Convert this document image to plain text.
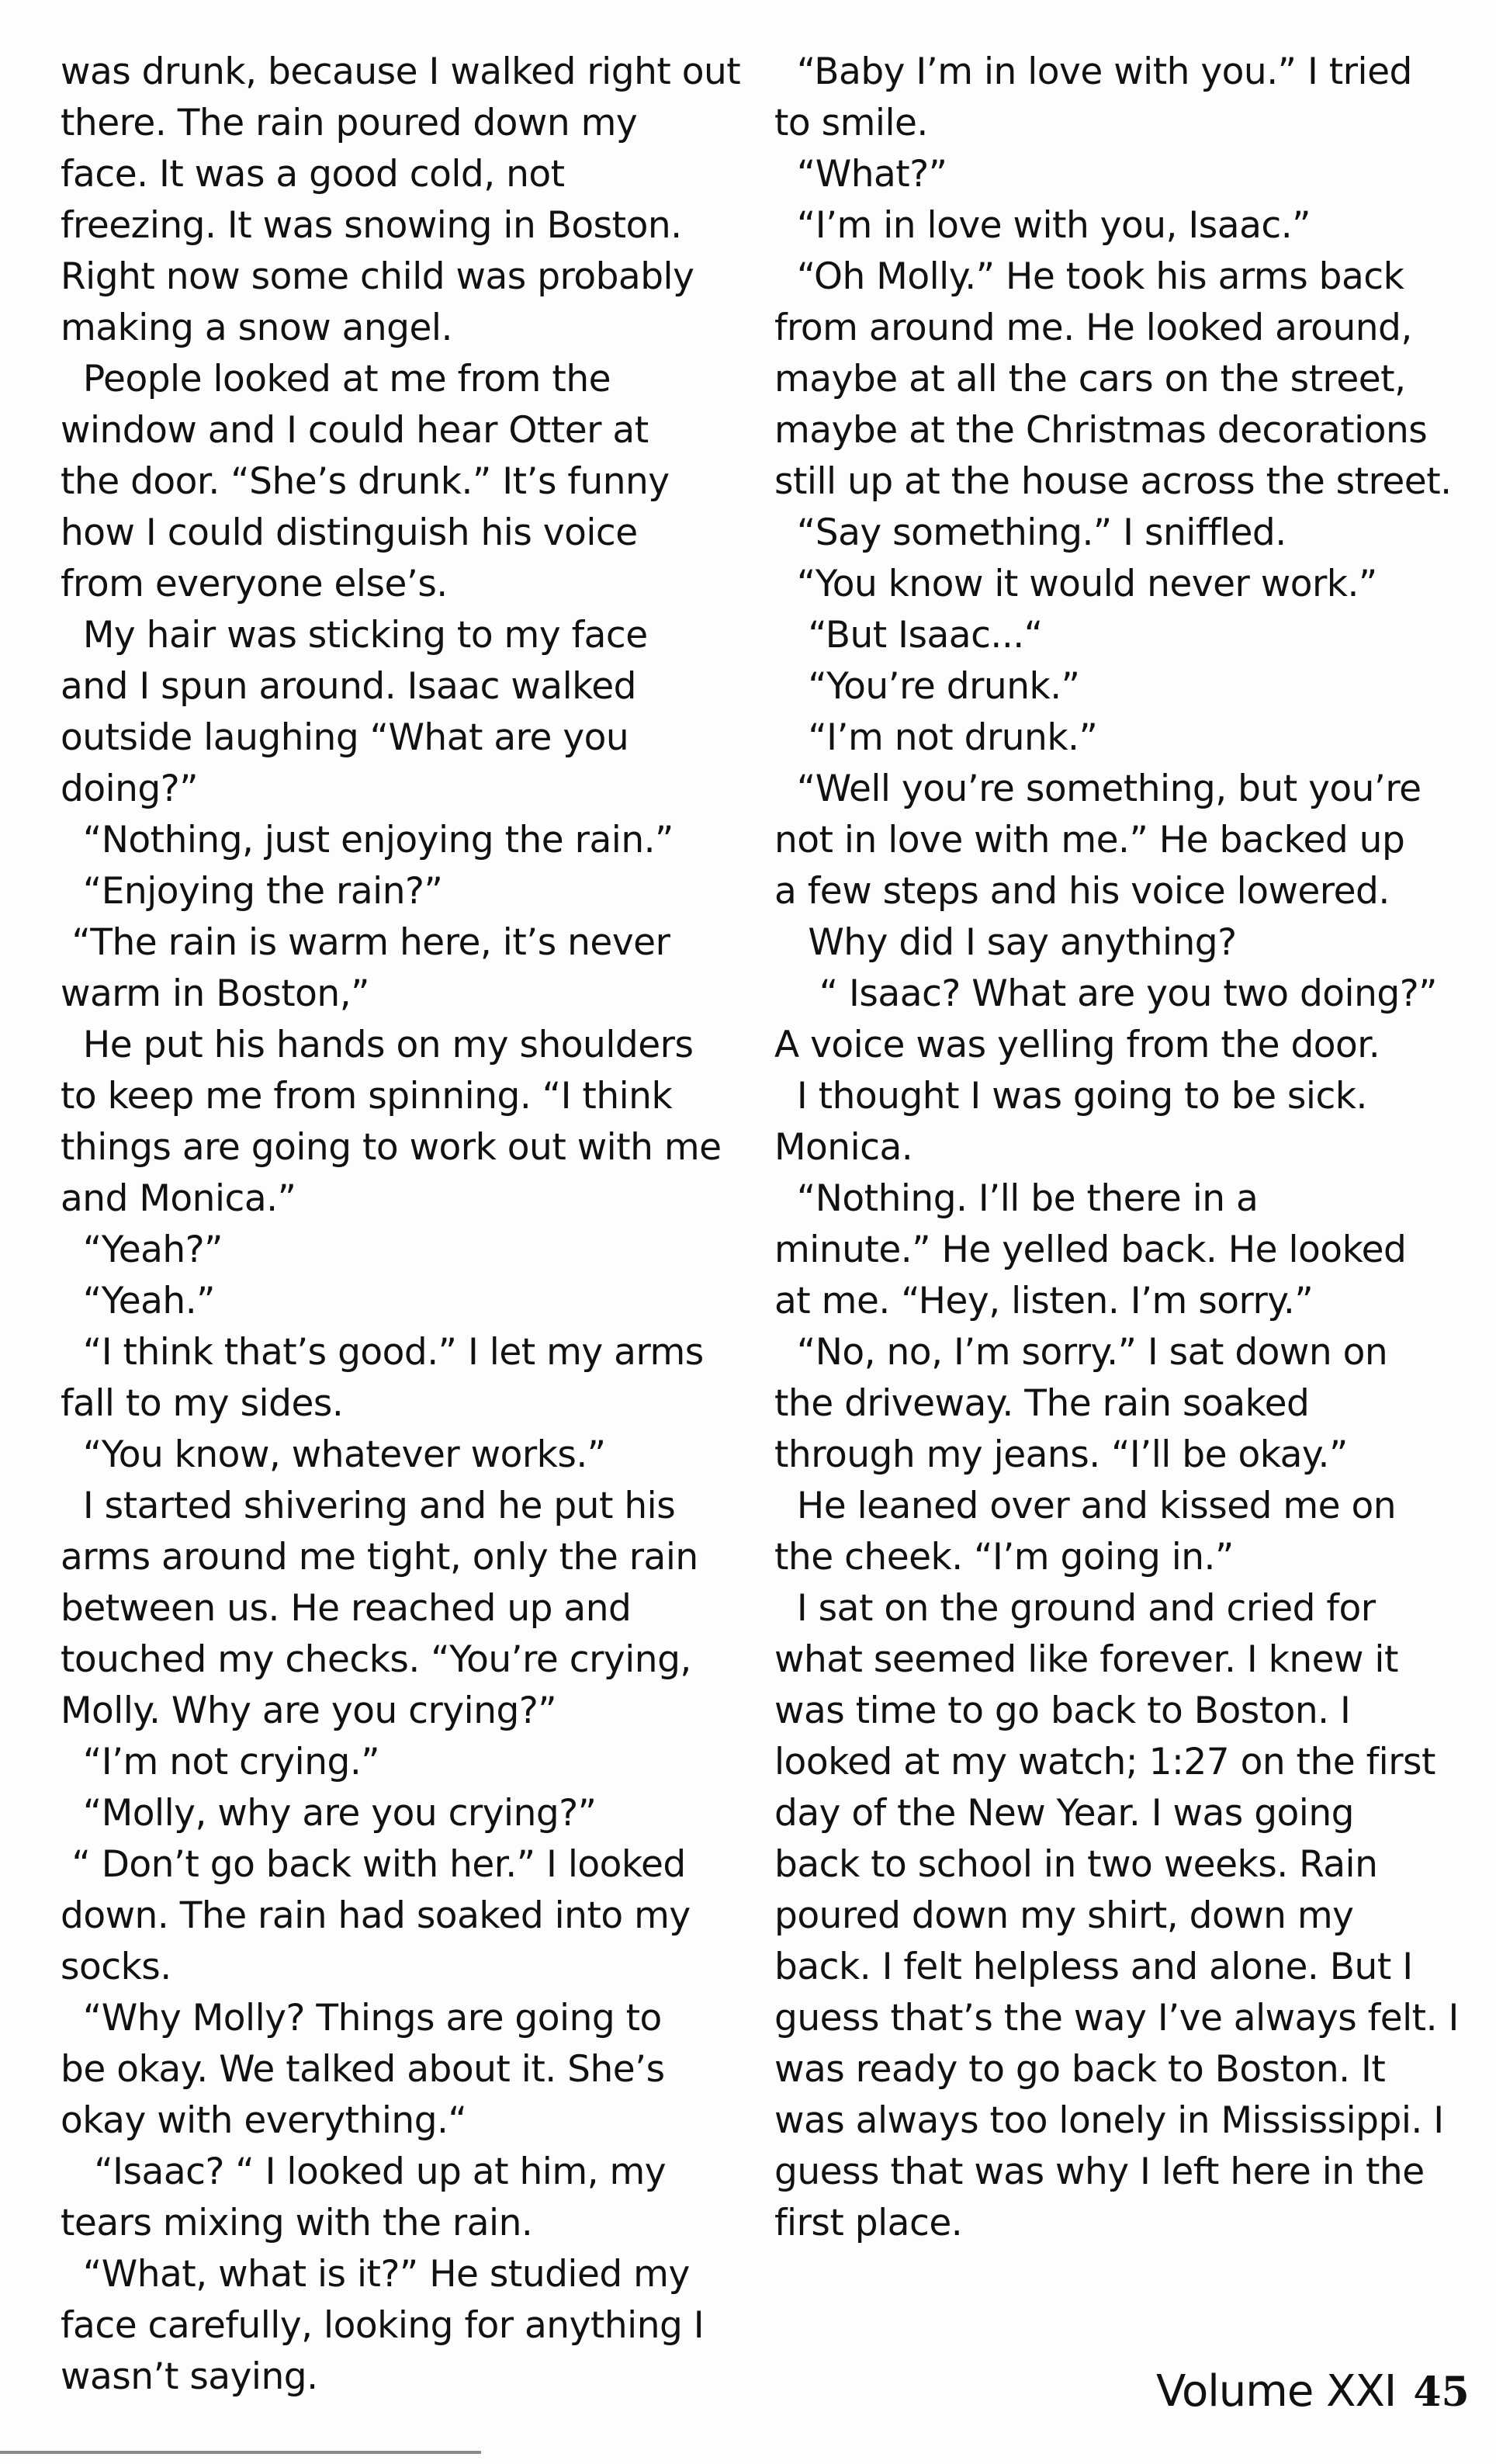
was drunk, because I walked right out
there. The rain poured down my
face. It was a good cold, not
freezing. It was snowing in Boston.
Right now some child was probably
making a snow angel.
People looked at me from the
window and I could hear Otter at
the door. “She’s drunk.” It’s funny
how I could distinguish his voice
from everyone else’s.
My hair was sticking to my face
and I spun around. Isaac walked
outside laughing “What are you
doing?”
“Nothing, just enjoying the rain.”
“Enjoying the rain?”
“The rain is warm here, it’s never
warm in Boston,”
He put his hands on my shoulders
to keep me from spinning. “I think
things are going to work out with me
and Monica.”
“Yeah?”
“Yeah.”
“I think that’s good.” I let my arms
fall to my sides.
“You know, whatever works.”
I started shivering and he put his
arms around me tight, only the rain
between us. He reached up and
touched my checks. “You’re crying,
Molly. Why are you crying?”
“I’m not crying.”
“Molly, why are you crying?”
“ Don’t go back with her.” I looked
down. The rain had soaked into my
socks.
“Why Molly? Things are going to
be okay. We talked about it. She’s
okay with everything.“
“Isaac? “ I looked up at him, my
tears mixing with the rain.
“What, what is it?” He studied my
face carefully, looking for anything I
wasn’t saying.
“Baby I’m in love with you.” I tried
to smile.
“What?”
“I’m in love with you, Isaac.”
“Oh Molly.” He took his arms back
from around me. He looked around,
maybe at all the cars on the street,
maybe at the Christmas decorations
still up at the house across the street.
“Say something.” I sniffled.
“You know it would never work.”
“But Isaac...“
“You’re drunk.”
“I’m not drunk.”
“Well you’re something, but you’re
not in love with me.” He backed up
a few steps and his voice lowered.
Why did I say anything?
“ Isaac? What are you two doing?”
A voice was yelling from the door.
I thought I was going to be sick.
Monica.
“Nothing. I’ll be there in a
minute.” He yelled back. He looked
at me. “Hey, listen. I’m sorry.”
“No, no, I’m sorry.” I sat down on
the driveway. The rain soaked
through my jeans. “I’ll be okay.”
He leaned over and kissed me on
the cheek. “I’m going in.”
I sat on the ground and cried for
what seemed like forever. I knew it
was time to go back to Boston. I
looked at my watch; 1:27 on the first
day of the New Year. I was going
back to school in two weeks. Rain
poured down my shirt, down my
back. I felt helpless and alone. But I
guess that’s the way I’ve always felt. I
was ready to go back to Boston. It
was always too lonely in Mississippi. I
guess that was why I left here in the
first place.
Volume XXI 45
